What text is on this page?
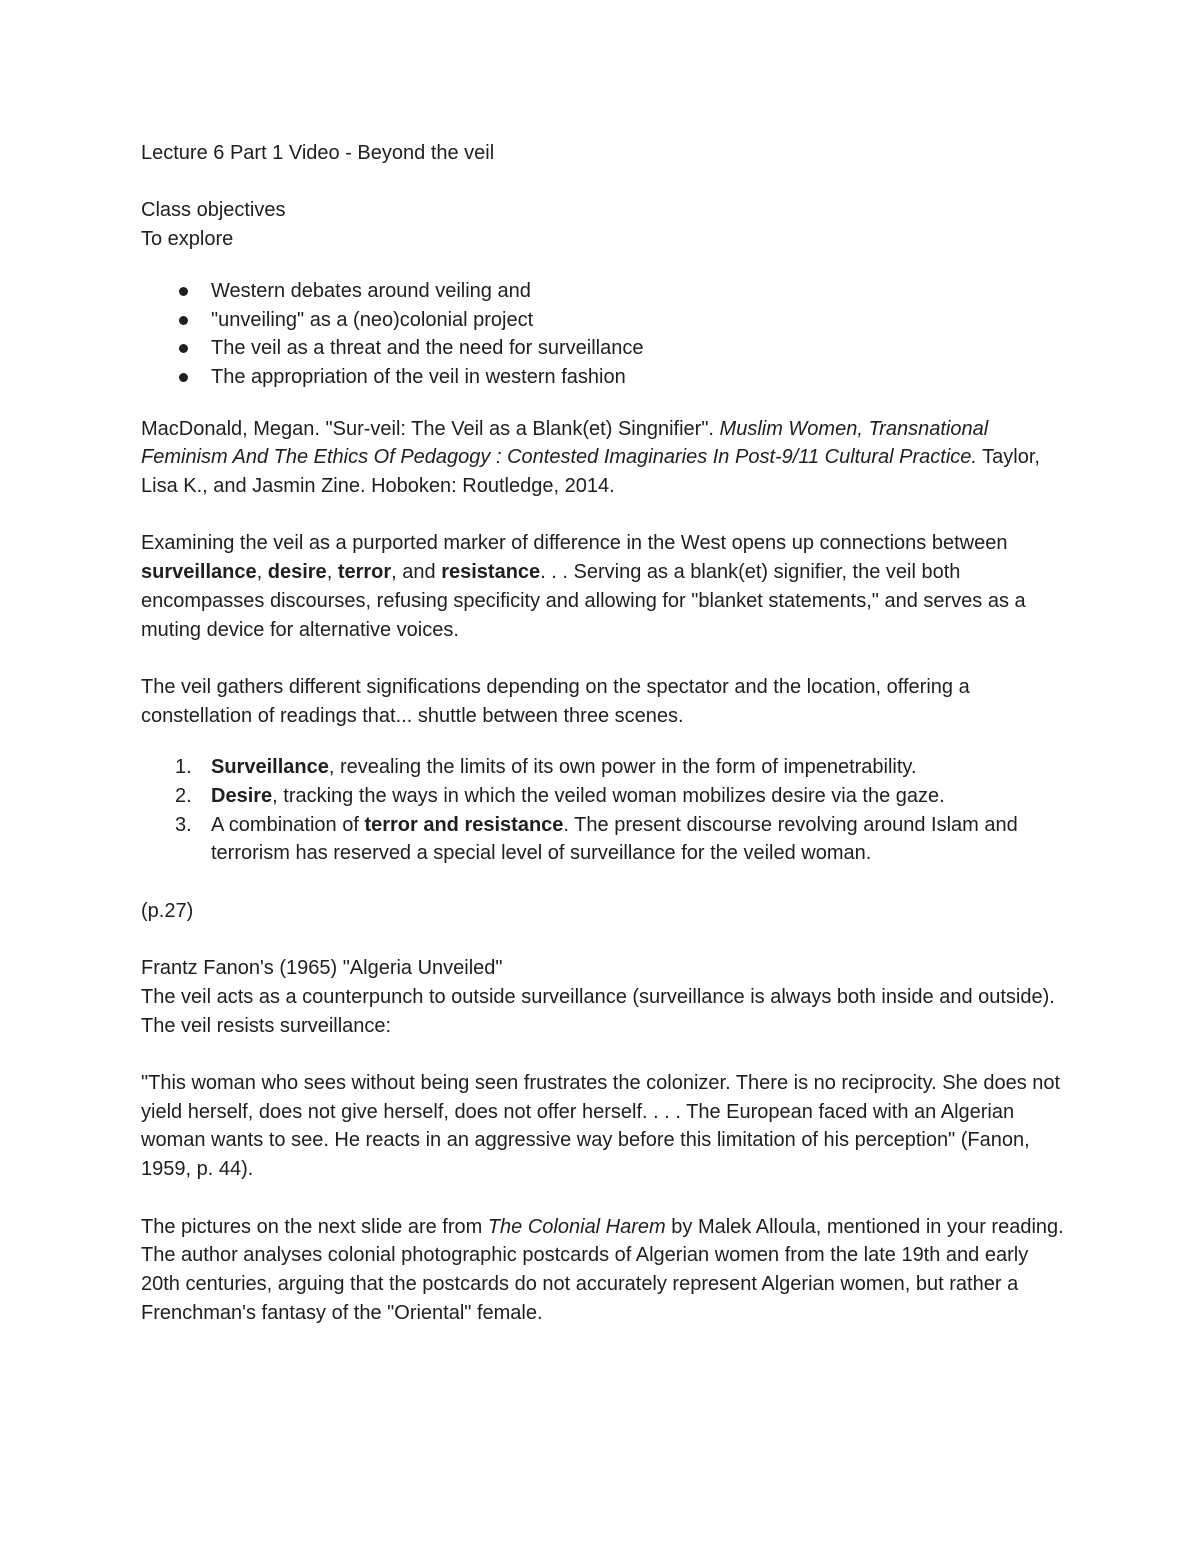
Lecture 6 Part 1 Video - Beyond the veil

Class objectives

To explore

Western debates around veiling and
"unveiling" as a (neo)colonial project
The veil as a threat and the need for surveillance
The appropriation of the veil in western fashion

MacDonald, Megan. "Sur-veil: The Veil as a Blank(et) Singnifier". Muslim Women, Transnational Feminism And The Ethics Of Pedagogy : Contested Imaginaries In Post-9/11 Cultural Practice. Taylor, Lisa K., and Jasmin Zine. Hoboken: Routledge, 2014.

Examining the veil as a purported marker of difference in the West opens up connections between surveillance, desire, terror, and resistance. . . Serving as a blank(et) signifier, the veil both encompasses discourses, refusing specificity and allowing for "blanket statements," and serves as a muting device for alternative voices.

The veil gathers different significations depending on the spectator and the location, offering a constellation of readings that... shuttle between three scenes.

1. Surveillance, revealing the limits of its own power in the form of impenetrability.
2. Desire, tracking the ways in which the veiled woman mobilizes desire via the gaze.
3. A combination of terror and resistance. The present discourse revolving around Islam and terrorism has reserved a special level of surveillance for the veiled woman.

(p.27)

Frantz Fanon's (1965) "Algeria Unveiled"

The veil acts as a counterpunch to outside surveillance (surveillance is always both inside and outside).

The veil resists surveillance:

"This woman who sees without being seen frustrates the colonizer. There is no reciprocity. She does not yield herself, does not give herself, does not offer herself. . . . The European faced with an Algerian woman wants to see. He reacts in an aggressive way before this limitation of his perception" (Fanon, 1959, p. 44).

The pictures on the next slide are from The Colonial Harem by Malek Alloula, mentioned in your reading.

The author analyses colonial photographic postcards of Algerian women from the late 19th and early 20th centuries, arguing that the postcards do not accurately represent Algerian women, but rather a Frenchman's fantasy of the "Oriental" female.
